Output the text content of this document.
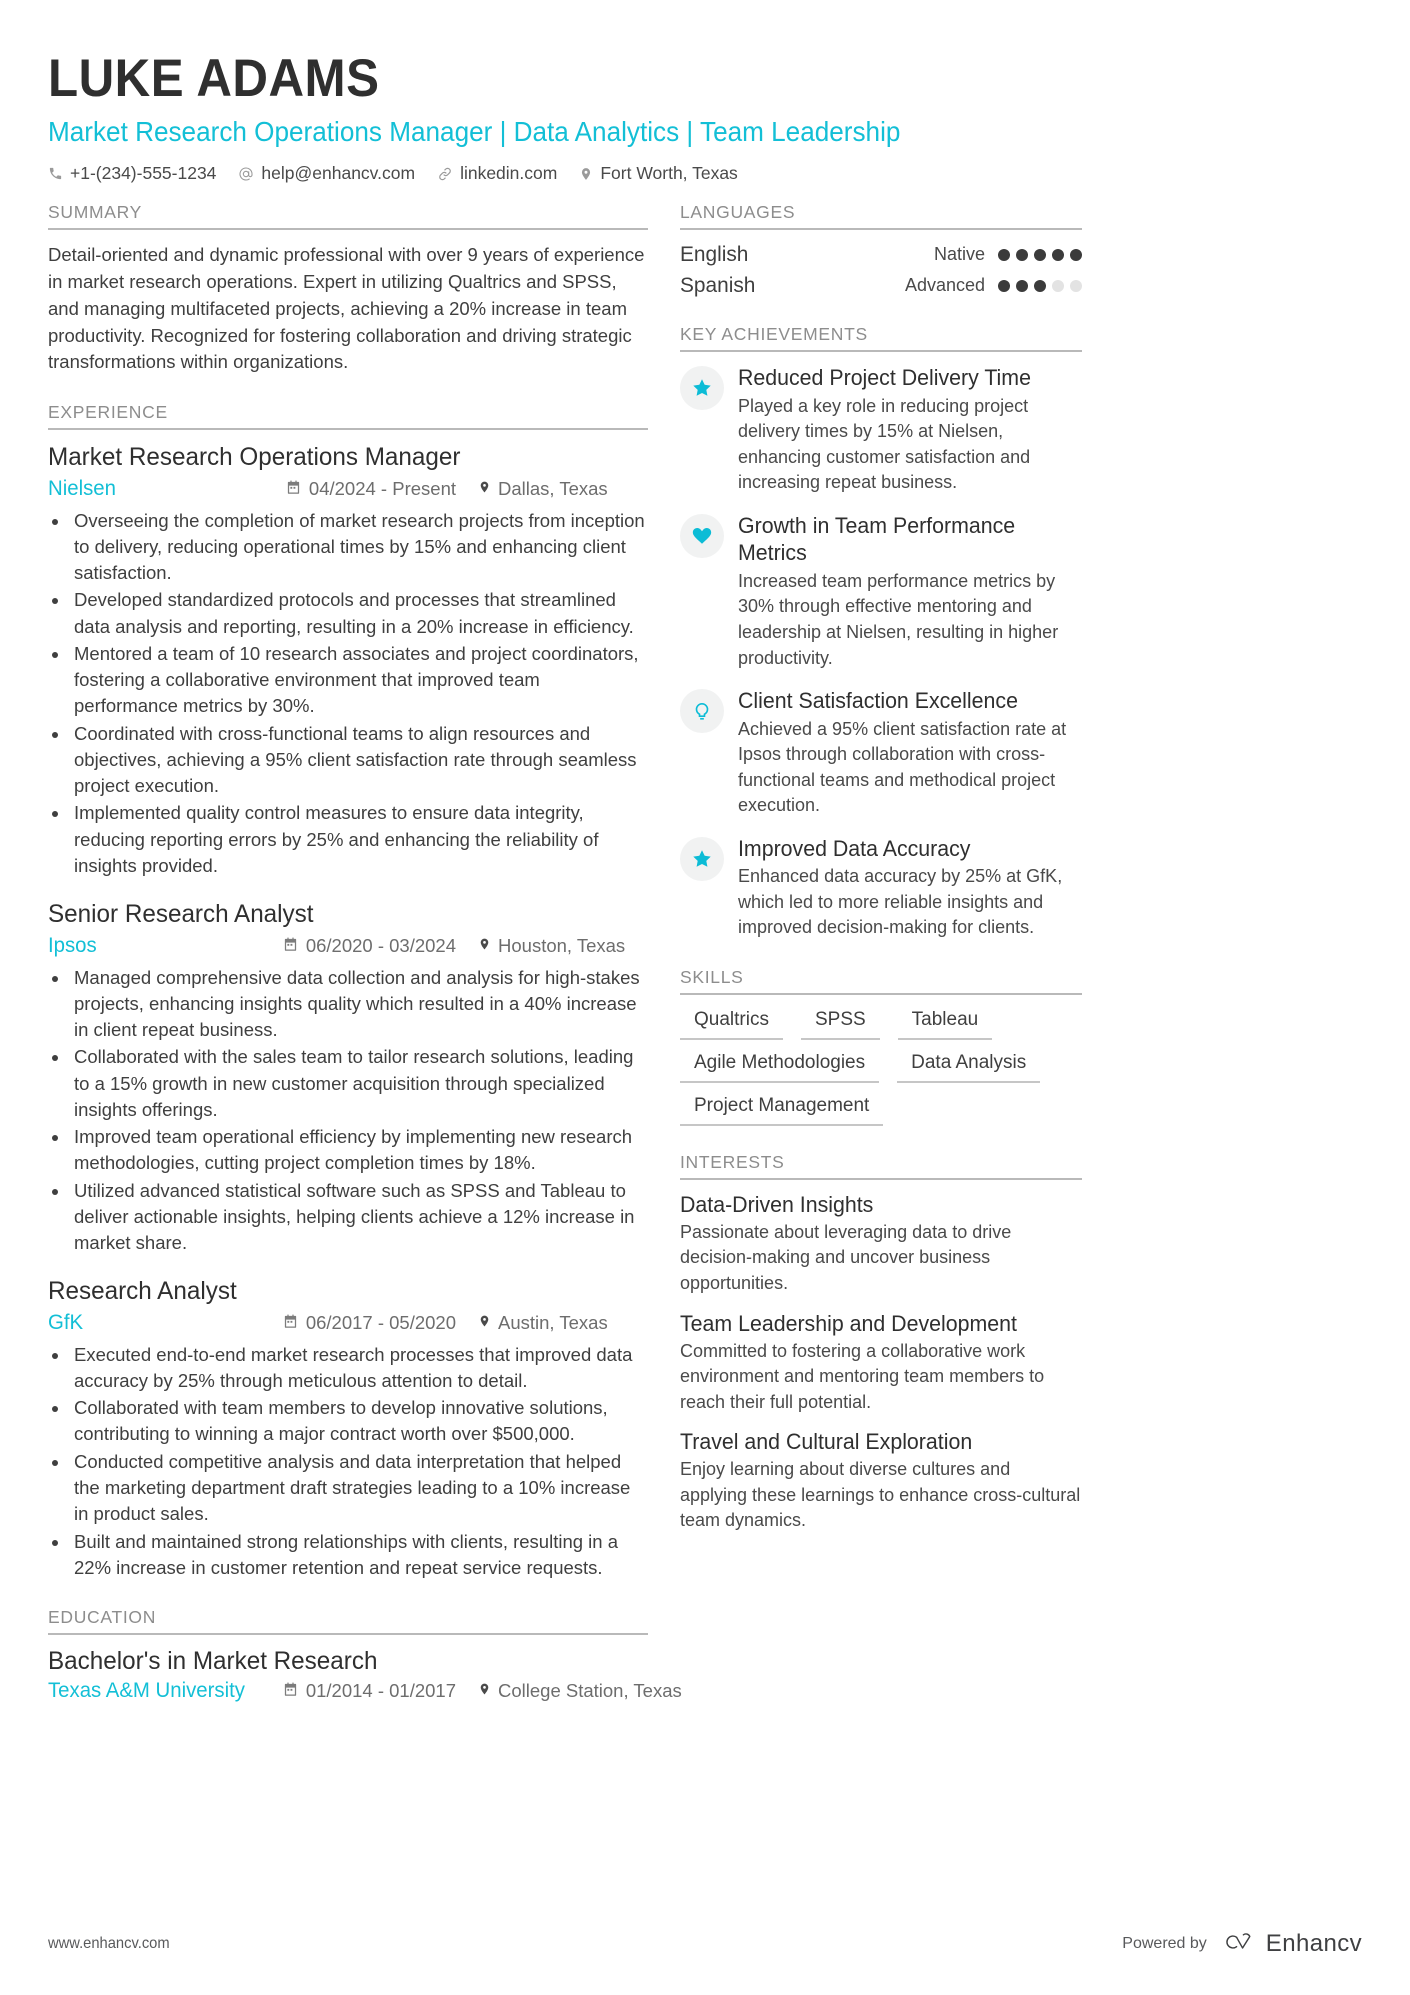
LUKE ADAMS
Market Research Operations Manager | Data Analytics | Team Leadership
+1-(234)-555-1234	help@enhancv.com	linkedin.com Fort Worth, Texas
SUMMARY
Detail-oriented and dynamic professional with over 9 years of experience in market research operations. Expert in utilizing Qualtrics and SPSS, and managing multifaceted projects, achieving a 20% increase in team productivity. Recognized for fostering collaboration and driving strategic transformations within organizations.
EXPERIENCE
Market Research Operations Manager
Nielsen	04/2024 - Present Dallas, Texas
• Overseeing the completion of market research projects from inception to delivery, reducing operational times by 15% and enhancing client satisfaction.
• Developed standardized protocols and processes that streamlined data analysis and reporting, resulting in a 20% increase in efficiency.
• Mentored a team of 10 research associates and project coordinators, fostering a collaborative environment that improved team performance metrics by 30%.
• Coordinated with cross-functional teams to align resources and objectives, achieving a 95% client satisfaction rate through seamless project execution.
• Implemented quality control measures to ensure data integrity, reducing reporting errors by 25% and enhancing the reliability of insights provided.
Senior Research Analyst
Ipsos	06/2020 - 03/2024 Houston, Texas
• Managed comprehensive data collection and analysis for high-stakes projects, enhancing insights quality which resulted in a 40% increase in client repeat business.
• Collaborated with the sales team to tailor research solutions, leading to a 15% growth in new customer acquisition through specialized insights offerings.
• Improved team operational efficiency by implementing new research methodologies, cutting project completion times by 18%.
• Utilized advanced statistical software such as SPSS and Tableau to deliver actionable insights, helping clients achieve a 12% increase in market share.
Research Analyst
GfK	06/2017 - 05/2020 Austin, Texas
• Executed end-to-end market research processes that improved data accuracy by 25% through meticulous attention to detail.
• Collaborated with team members to develop innovative solutions, contributing to winning a major contract worth over $500,000.
• Conducted competitive analysis and data interpretation that helped the marketing department draft strategies leading to a 10% increase in product sales.
• Built and maintained strong relationships with clients, resulting in a 22% increase in customer retention and repeat service requests.
EDUCATION
Bachelor's in Market Research
Texas A&M University	01/2014 - 01/2017 College Station, Texas
LANGUAGES
English	Native
Spanish	Advanced
KEY ACHIEVEMENTS
Reduced Project Delivery Time
Played a key role in reducing project delivery times by 15% at Nielsen, enhancing customer satisfaction and increasing repeat business.
Growth in Team Performance Metrics
Increased team performance metrics by 30% through effective mentoring and leadership at Nielsen, resulting in higher productivity.
Client Satisfaction Excellence
Achieved a 95% client satisfaction rate at Ipsos through collaboration with cross-functional teams and methodical project execution.
Improved Data Accuracy
Enhanced data accuracy by 25% at GfK, which led to more reliable insights and improved decision-making for clients.
SKILLS
Qualtrics	SPSS	Tableau
Agile Methodologies	Data Analysis
Project Management
INTERESTS
Data-Driven Insights
Passionate about leveraging data to drive decision-making and uncover business opportunities.
Team Leadership and Development
Committed to fostering a collaborative work environment and mentoring team members to reach their full potential.
Travel and Cultural Exploration
Enjoy learning about diverse cultures and applying these learnings to enhance cross-cultural team dynamics.
www.enhancv.com	Powered by Enhancv
